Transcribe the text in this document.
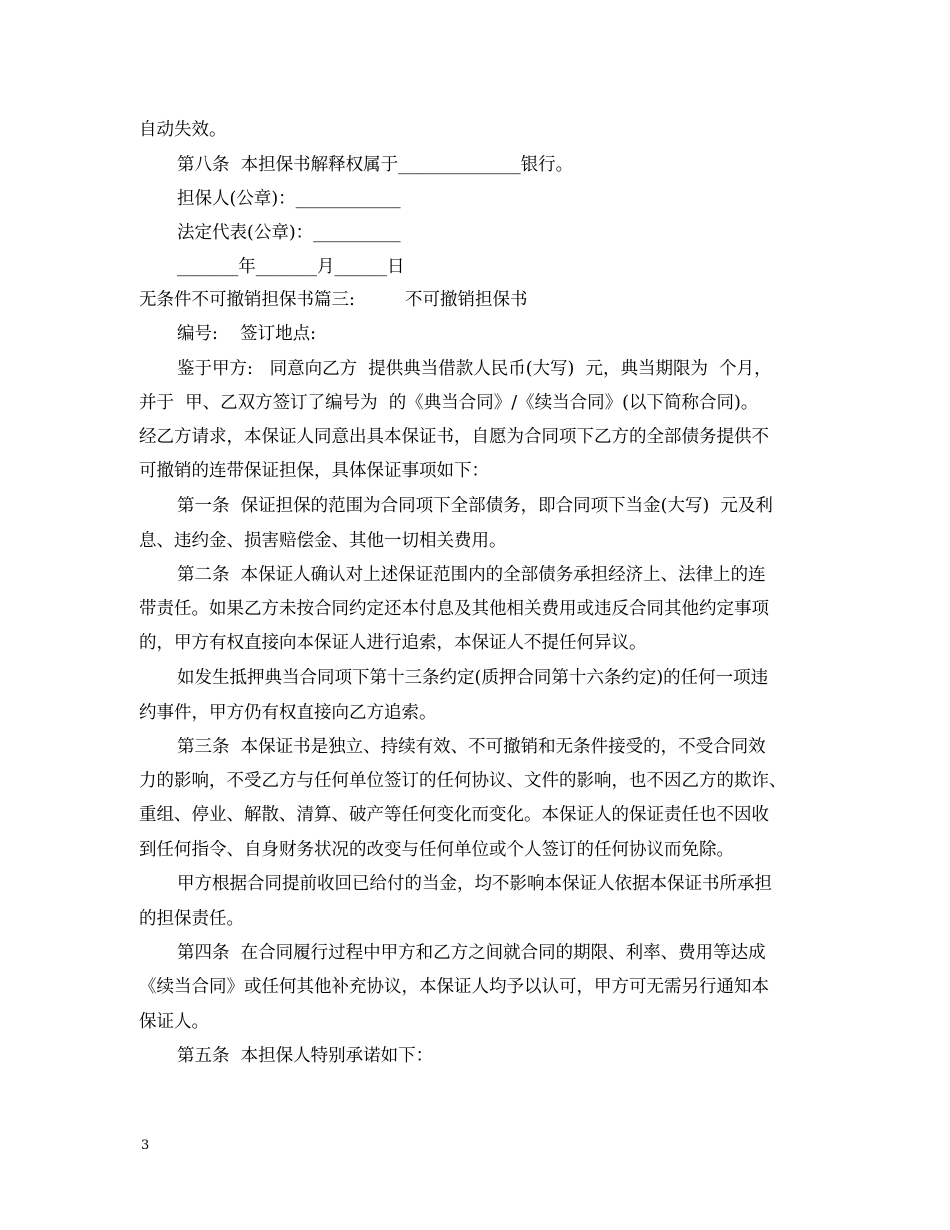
自动失效。
第八条  本担保书解释权属于______________银行。
担保人(公章)：____________
法定代表(公章)：__________
_______年_______月______日
无条件不可撤销担保书篇三:         不可撤销担保书
编号:    签订地点:
鉴于甲方:   同意向乙方  提供典当借款人民币(大写)  元，典当期限为  个月，
并于  甲、乙双方签订了编号为  的《典当合同》/《续当合同》(以下简称合同)。
经乙方请求，本保证人同意出具本保证书，自愿为合同项下乙方的全部债务提供不
可撤销的连带保证担保，具体保证事项如下：
第一条  保证担保的范围为合同项下全部债务，即合同项下当金(大写)  元及利
息、违约金、损害赔偿金、其他一切相关费用。
第二条  本保证人确认对上述保证范围内的全部债务承担经济上、法律上的连
带责任。如果乙方未按合同约定还本付息及其他相关费用或违反合同其他约定事项
的，甲方有权直接向本保证人进行追索，本保证人不提任何异议。
如发生抵押典当合同项下第十三条约定(质押合同第十六条约定)的任何一项违
约事件，甲方仍有权直接向乙方追索。
第三条  本保证书是独立、持续有效、不可撤销和无条件接受的，不受合同效
力的影响，不受乙方与任何单位签订的任何协议、文件的影响，也不因乙方的欺诈、
重组、停业、解散、清算、破产等任何变化而变化。本保证人的保证责任也不因收
到任何指令、自身财务状况的改变与任何单位或个人签订的任何协议而免除。
甲方根据合同提前收回已给付的当金，均不影响本保证人依据本保证书所承担
的担保责任。
第四条  在合同履行过程中甲方和乙方之间就合同的期限、利率、费用等达成
《续当合同》或任何其他补充协议，本保证人均予以认可，甲方可无需另行通知本
保证人。
第五条  本担保人特别承诺如下：
3
